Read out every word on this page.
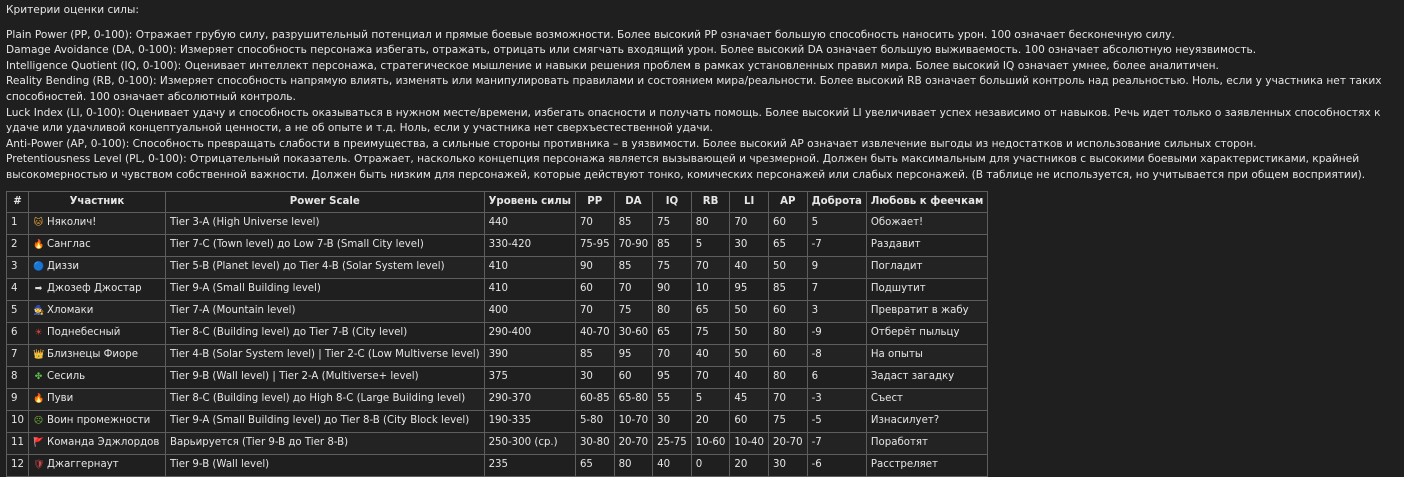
Критерии оценки силы:

Plain Power (PP, 0-100): Отражает грубую силу, разрушительный потенциал и прямые боевые возможности. Более высокий PP означает большую способность наносить урон. 100 означает бесконечную силу.

Damage Avoidance (DA, 0-100): Измеряет способность персонажа избегать, отражать, отрицать или смягчать входящий урон. Более высокий DA означает большую выживаемость. 100 означает абсолютную неуязвимость.

Intelligence Quotient (IQ, 0-100): Оценивает интеллект персонажа, стратегическое мышление и навыки решения проблем в рамках установленных правил мира. Более высокий IQ означает умнее, более аналитичен.

Reality Bending (RB, 0-100): Измеряет способность напрямую влиять, изменять или манипулировать правилами и состоянием мира/реальности. Более высокий RB означает больший контроль над реальностью. Ноль, если у участника нет таких способностей. 100 означает абсолютный контроль.

Luck Index (LI, 0-100): Оценивает удачу и способность оказываться в нужном месте/времени, избегать опасности и получать помощь. Более высокий LI увеличивает успех независимо от навыков. Речь идет только о заявленных способностях к удаче или удачливой концептуальной ценности, а не об опыте и т.д. Ноль, если у участника нет сверхъестественной удачи.

Anti-Power (AP, 0-100): Способность превращать слабости в преимущества, а сильные стороны противника – в уязвимости. Более высокий AP означает извлечение выгоды из недостатков и использование сильных сторон.

Pretentiousness Level (PL, 0-100): Отрицательный показатель. Отражает, насколько концепция персонажа является вызывающей и чрезмерной. Должен быть максимальным для участников с высокими боевыми характеристиками, крайней высокомерностью и чувством собственной важности. Должен быть низким для персонажей, которые действуют тонко, комических персонажей или слабых персонажей. (В таблице не используется, но учитывается при общем восприятии).

#	Участник	Power Scale	Уровень силы	PP	DA	IQ	RB	LI	AP	Доброта	Любовь к феечкам
1	🐱 Няколич!	Tier 3-A (High Universe level)	440	70	85	75	80	70	60	5	Обожает!
2	🔥 Санглас	Tier 7-C (Town level) до Low 7-B (Small City level)	330-420	75-95	70-90	85	5	30	65	-7	Раздавит
3	🔵 Диззи	Tier 5-B (Planet level) до Tier 4-B (Solar System level)	410	90	85	75	70	40	50	9	Погладит
4	➡ Джозеф Джостар	Tier 9-A (Small Building level)	410	60	70	90	10	95	85	7	Подшутит
5	🧙 Хломаки	Tier 7-A (Mountain level)	400	70	75	80	65	50	60	3	Превратит в жабу
6	☀ Поднебесный	Tier 8-C (Building level) до Tier 7-B (City level)	290-400	40-70	30-60	65	75	50	80	-9	Отберёт пыльцу
7	👑 Близнецы Фиоре	Tier 4-B (Solar System level) | Tier 2-C (Low Multiverse level)	390	85	95	70	40	50	60	-8	На опыты
8	✤ Сесиль	Tier 9-B (Wall level) | Tier 2-A (Multiverse+ level)	375	30	60	95	70	40	80	6	Задаст загадку
9	🔥 Пуви	Tier 8-C (Building level) до High 8-C (Large Building level)	290-370	60-85	65-80	55	5	45	70	-3	Съест
10	☹ Воин промежности	Tier 9-A (Small Building level) до Tier 8-B (City Block level)	190-335	5-80	10-70	30	20	60	75	-5	Изнасилует?
11	🚩 Команда Эджлордов	Варьируется (Tier 9-B до Tier 8-B)	250-300 (ср.)	30-80	20-70	25-75	10-60	10-40	20-70	-7	Поработят
12	🛡 Джаггернаут	Tier 9-B (Wall level)	235	65	80	40	0	20	30	-6	Расстреляет
